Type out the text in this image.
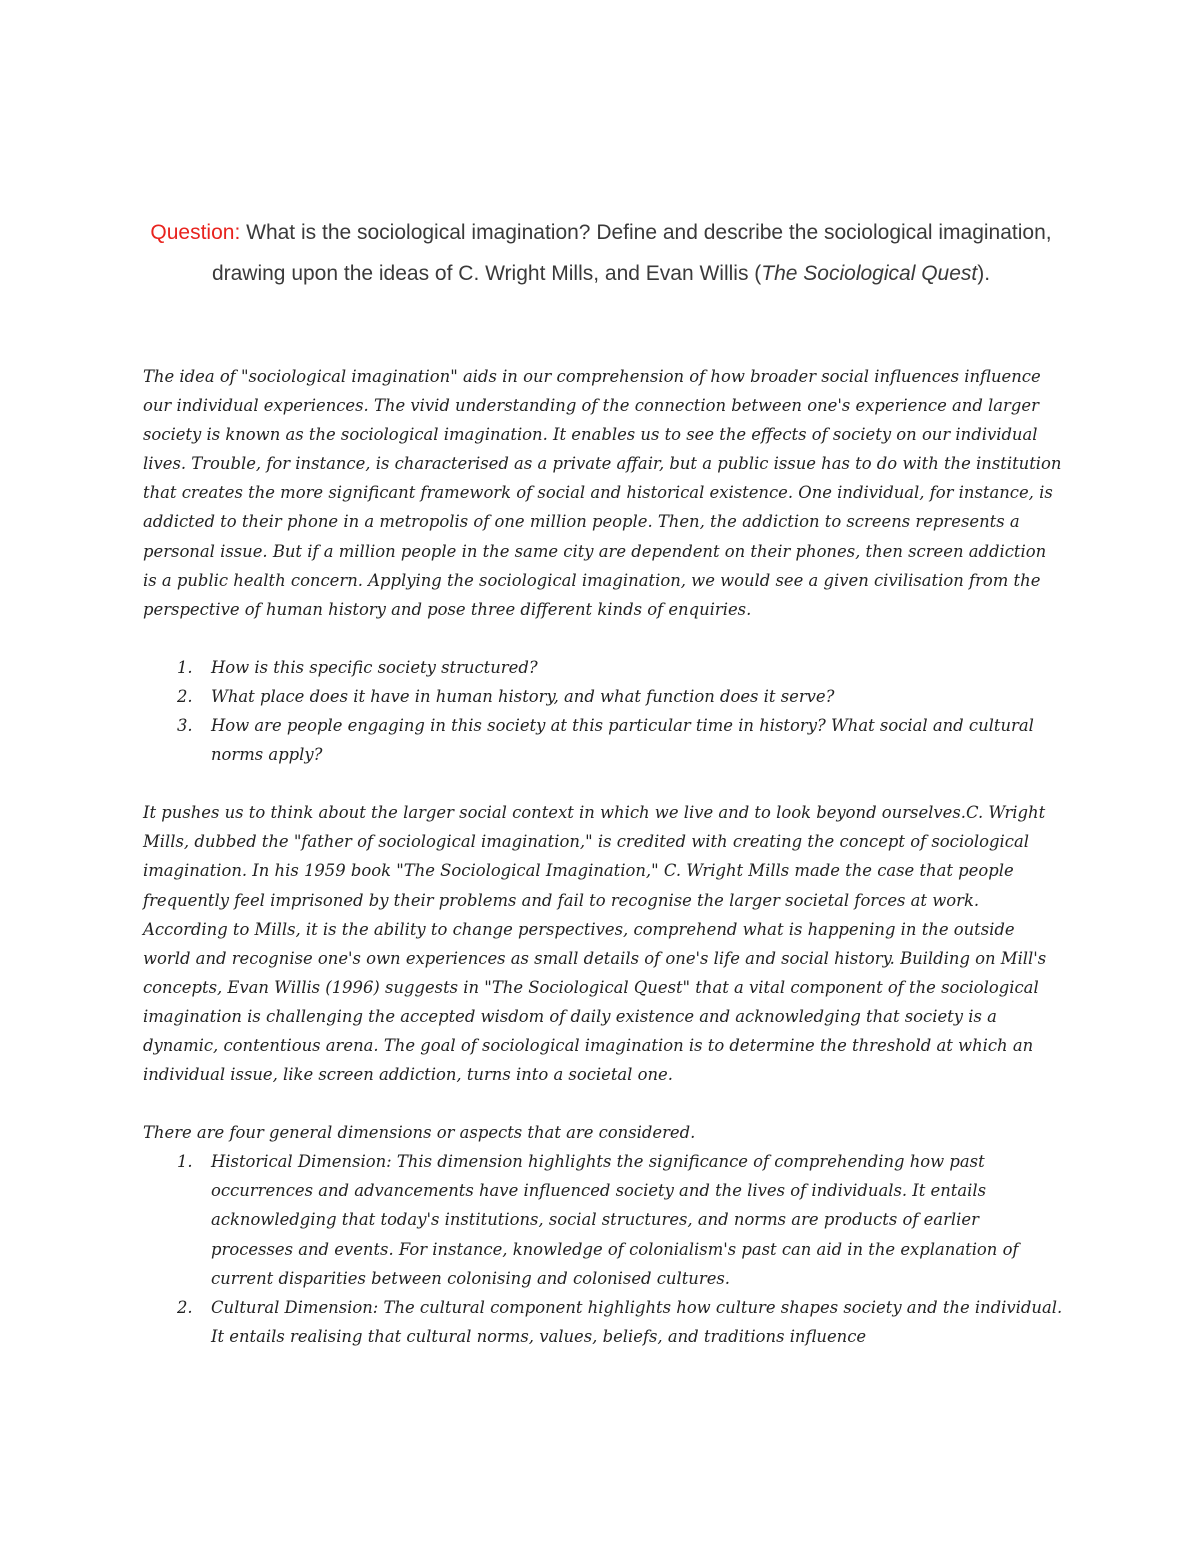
Question: What is the sociological imagination? Define and describe the sociological imagination, drawing upon the ideas of C. Wright Mills, and Evan Willis (The Sociological Quest).

The idea of "sociological imagination" aids in our comprehension of how broader social influences influence our individual experiences. The vivid understanding of the connection between one's experience and larger society is known as the sociological imagination. It enables us to see the effects of society on our individual lives. Trouble, for instance, is characterised as a private affair, but a public issue has to do with the institution that creates the more significant framework of social and historical existence. One individual, for instance, is addicted to their phone in a metropolis of one million people. Then, the addiction to screens represents a personal issue. But if a million people in the same city are dependent on their phones, then screen addiction is a public health concern. Applying the sociological imagination, we would see a given civilisation from the perspective of human history and pose three different kinds of enquiries.

1. How is this specific society structured?
2. What place does it have in human history, and what function does it serve?
3. How are people engaging in this society at this particular time in history? What social and cultural norms apply?

It pushes us to think about the larger social context in which we live and to look beyond ourselves.C. Wright Mills, dubbed the "father of sociological imagination," is credited with creating the concept of sociological imagination. In his 1959 book "The Sociological Imagination," C. Wright Mills made the case that people frequently feel imprisoned by their problems and fail to recognise the larger societal forces at work. According to Mills, it is the ability to change perspectives, comprehend what is happening in the outside world and recognise one's own experiences as small details of one's life and social history. Building on Mill's concepts, Evan Willis (1996) suggests in "The Sociological Quest" that a vital component of the sociological imagination is challenging the accepted wisdom of daily existence and acknowledging that society is a dynamic, contentious arena. The goal of sociological imagination is to determine the threshold at which an individual issue, like screen addiction, turns into a societal one.

There are four general dimensions or aspects that are considered.

1. Historical Dimension: This dimension highlights the significance of comprehending how past occurrences and advancements have influenced society and the lives of individuals. It entails acknowledging that today's institutions, social structures, and norms are products of earlier processes and events. For instance, knowledge of colonialism's past can aid in the explanation of current disparities between colonising and colonised cultures.
2. Cultural Dimension: The cultural component highlights how culture shapes society and the individual. It entails realising that cultural norms, values, beliefs, and traditions influence
